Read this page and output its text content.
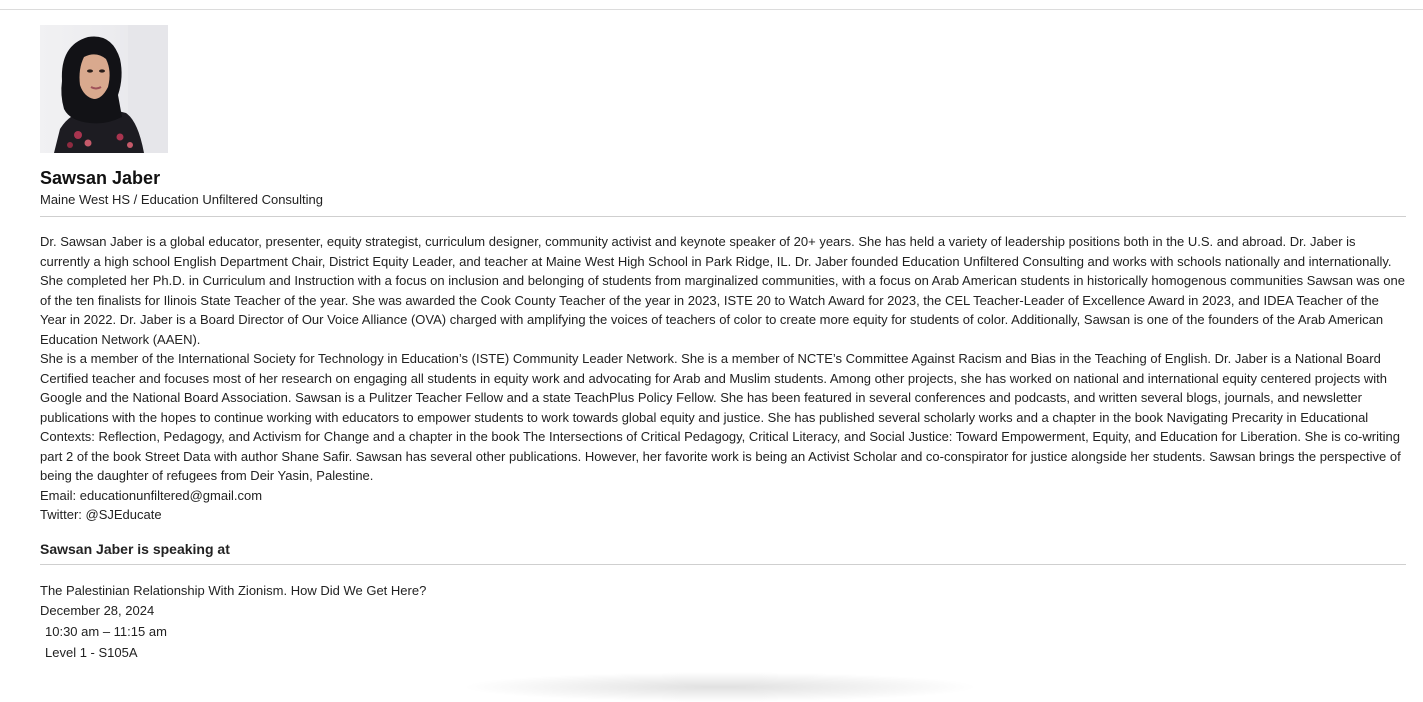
Sawsan Jaber
Maine West HS / Education Unfiltered Consulting

Dr. Sawsan Jaber is a global educator, presenter, equity strategist, curriculum designer, community activist and keynote speaker of 20+ years. She has held a variety of leadership positions both in the U.S. and abroad. Dr. Jaber is currently a high school English Department Chair, District Equity Leader, and teacher at Maine West High School in Park Ridge, IL. Dr. Jaber founded Education Unfiltered Consulting and works with schools nationally and internationally. She completed her Ph.D. in Curriculum and Instruction with a focus on inclusion and belonging of students from marginalized communities, with a focus on Arab American students in historically homogenous communities Sawsan was one of the ten finalists for Ilinois State Teacher of the year. She was awarded the Cook County Teacher of the year in 2023, ISTE 20 to Watch Award for 2023, the CEL Teacher-Leader of Excellence Award in 2023, and IDEA Teacher of the Year in 2022. Dr. Jaber is a Board Director of Our Voice Alliance (OVA) charged with amplifying the voices of teachers of color to create more equity for students of color. Additionally, Sawsan is one of the founders of the Arab American Education Network (AAEN).

She is a member of the International Society for Technology in Education’s (ISTE) Community Leader Network. She is a member of NCTE’s Committee Against Racism and Bias in the Teaching of English. Dr. Jaber is a National Board Certified teacher and focuses most of her research on engaging all students in equity work and advocating for Arab and Muslim students. Among other projects, she has worked on national and international equity centered projects with Google and the National Board Association. Sawsan is a Pulitzer Teacher Fellow and a state TeachPlus Policy Fellow. She has been featured in several conferences and podcasts, and written several blogs, journals, and newsletter publications with the hopes to continue working with educators to empower students to work towards global equity and justice. She has published several scholarly works and a chapter in the book Navigating Precarity in Educational Contexts: Reflection, Pedagogy, and Activism for Change and a chapter in the book The Intersections of Critical Pedagogy, Critical Literacy, and Social Justice: Toward Empowerment, Equity, and Education for Liberation. She is co-writing part 2 of the book Street Data with author Shane Safir. Sawsan has several other publications. However, her favorite work is being an Activist Scholar and co-conspirator for justice alongside her students. Sawsan brings the perspective of being the daughter of refugees from Deir Yasin, Palestine.

Email: educationunfiltered@gmail.com

Twitter: @SJEducate

Sawsan Jaber is speaking at
The Palestinian Relationship With Zionism. How Did We Get Here?
December 28, 2024
10:30 am – 11:15 am
Level 1 - S105A
